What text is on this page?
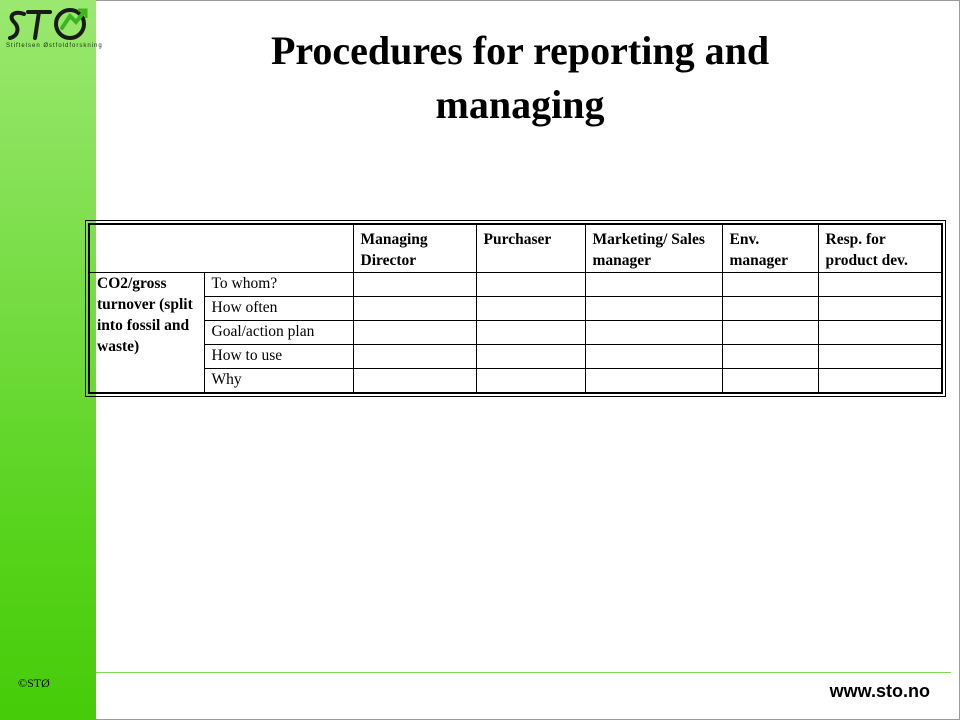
Stiftelsen Østfoldforskning	Procedures for reporting and
managing
		Managing Director	Purchaser	Marketing/ Sales manager	Env. manager	Resp. for product dev.
CO2/gross turnover (split into fossil and waste)	To whom?					
	How often					
	Goal/action plan					
	How to use					
	Why					
©STØ	www.sto.no
